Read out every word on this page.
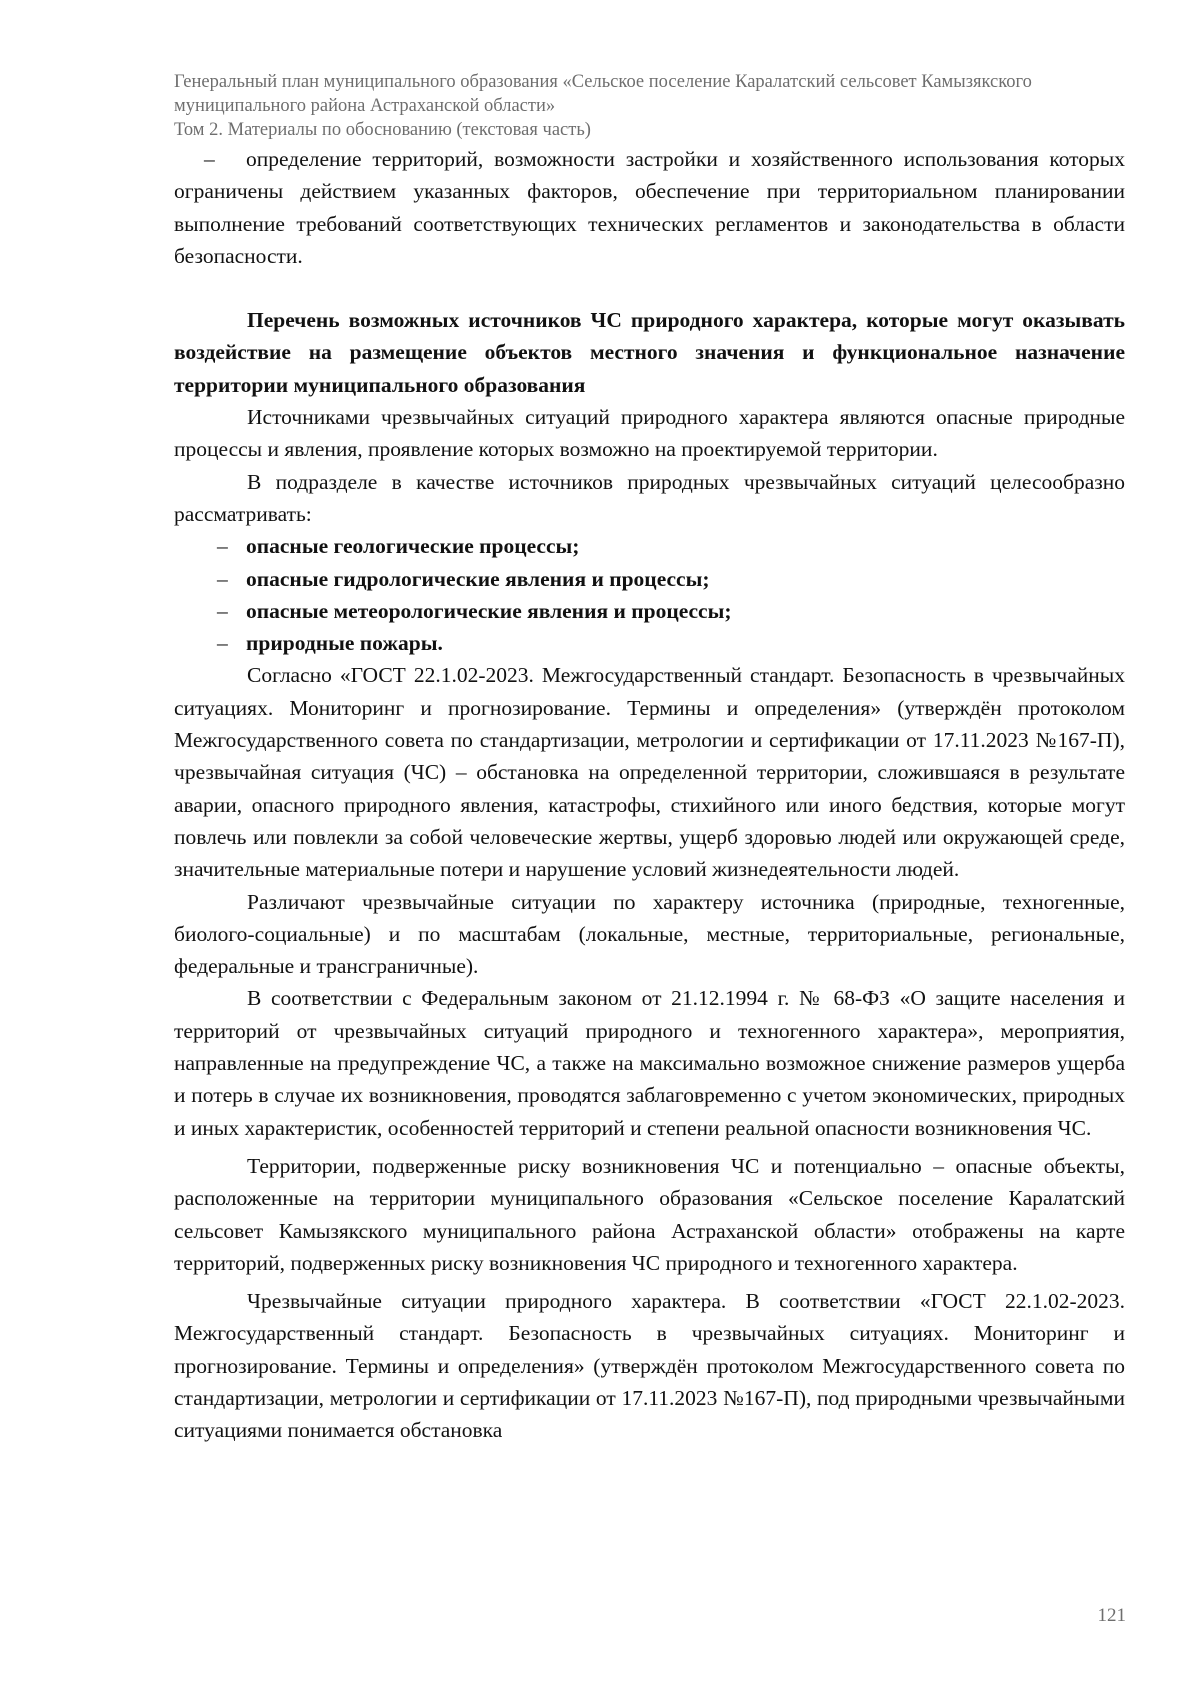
Генеральный план муниципального образования «Сельское поселение Каралатский сельсовет Камызякского
муниципального района Астраханской области»
Том 2. Материалы по обоснованию (текстовая часть)

– определение территорий, возможности застройки и хозяйственного использования которых ограничены действием указанных факторов, обеспечение при территориальном планировании выполнение требований соответствующих технических регламентов и законодательства в области безопасности.

Перечень возможных источников ЧС природного характера, которые могут оказывать воздействие на размещение объектов местного значения и функциональное назначение территории муниципального образования

Источниками чрезвычайных ситуаций природного характера являются опасные природные процессы и явления, проявление которых возможно на проектируемой территории.

В подразделе в качестве источников природных чрезвычайных ситуаций целесообразно рассматривать:

– опасные геологические процессы;
– опасные гидрологические явления и процессы;
– опасные метеорологические явления и процессы;
– природные пожары.

Согласно «ГОСТ 22.1.02-2023. Межгосударственный стандарт. Безопасность в чрезвычайных ситуациях. Мониторинг и прогнозирование. Термины и определения» (утверждён протоколом Межгосударственного совета по стандартизации, метрологии и сертификации от 17.11.2023 №167-П), чрезвычайная ситуация (ЧС) – обстановка на определенной территории, сложившаяся в результате аварии, опасного природного явления, катастрофы, стихийного или иного бедствия, которые могут повлечь или повлекли за собой человеческие жертвы, ущерб здоровью людей или окружающей среде, значительные материальные потери и нарушение условий жизнедеятельности людей.

Различают чрезвычайные ситуации по характеру источника (природные, техногенные, биолого-социальные) и по масштабам (локальные, местные, территориальные, региональные, федеральные и трансграничные).

В соответствии с Федеральным законом от 21.12.1994 г. № 68-ФЗ «О защите населения и территорий от чрезвычайных ситуаций природного и техногенного характера», мероприятия, направленные на предупреждение ЧС, а также на максимально возможное снижение размеров ущерба и потерь в случае их возникновения, проводятся заблаговременно с учетом экономических, природных и иных характеристик, особенностей территорий и степени реальной опасности возникновения ЧС.

Территории, подверженные риску возникновения ЧС и потенциально – опасные объекты, расположенные на территории муниципального образования «Сельское поселение Каралатский сельсовет Камызякского муниципального района Астраханской области» отображены на карте территорий, подверженных риску возникновения ЧС природного и техногенного характера.

Чрезвычайные ситуации природного характера. В соответствии «ГОСТ 22.1.02-2023. Межгосударственный стандарт. Безопасность в чрезвычайных ситуациях. Мониторинг и прогнозирование. Термины и определения» (утверждён протоколом Межгосударственного совета по стандартизации, метрологии и сертификации от 17.11.2023 №167-П), под природными чрезвычайными ситуациями понимается обстановка

121
